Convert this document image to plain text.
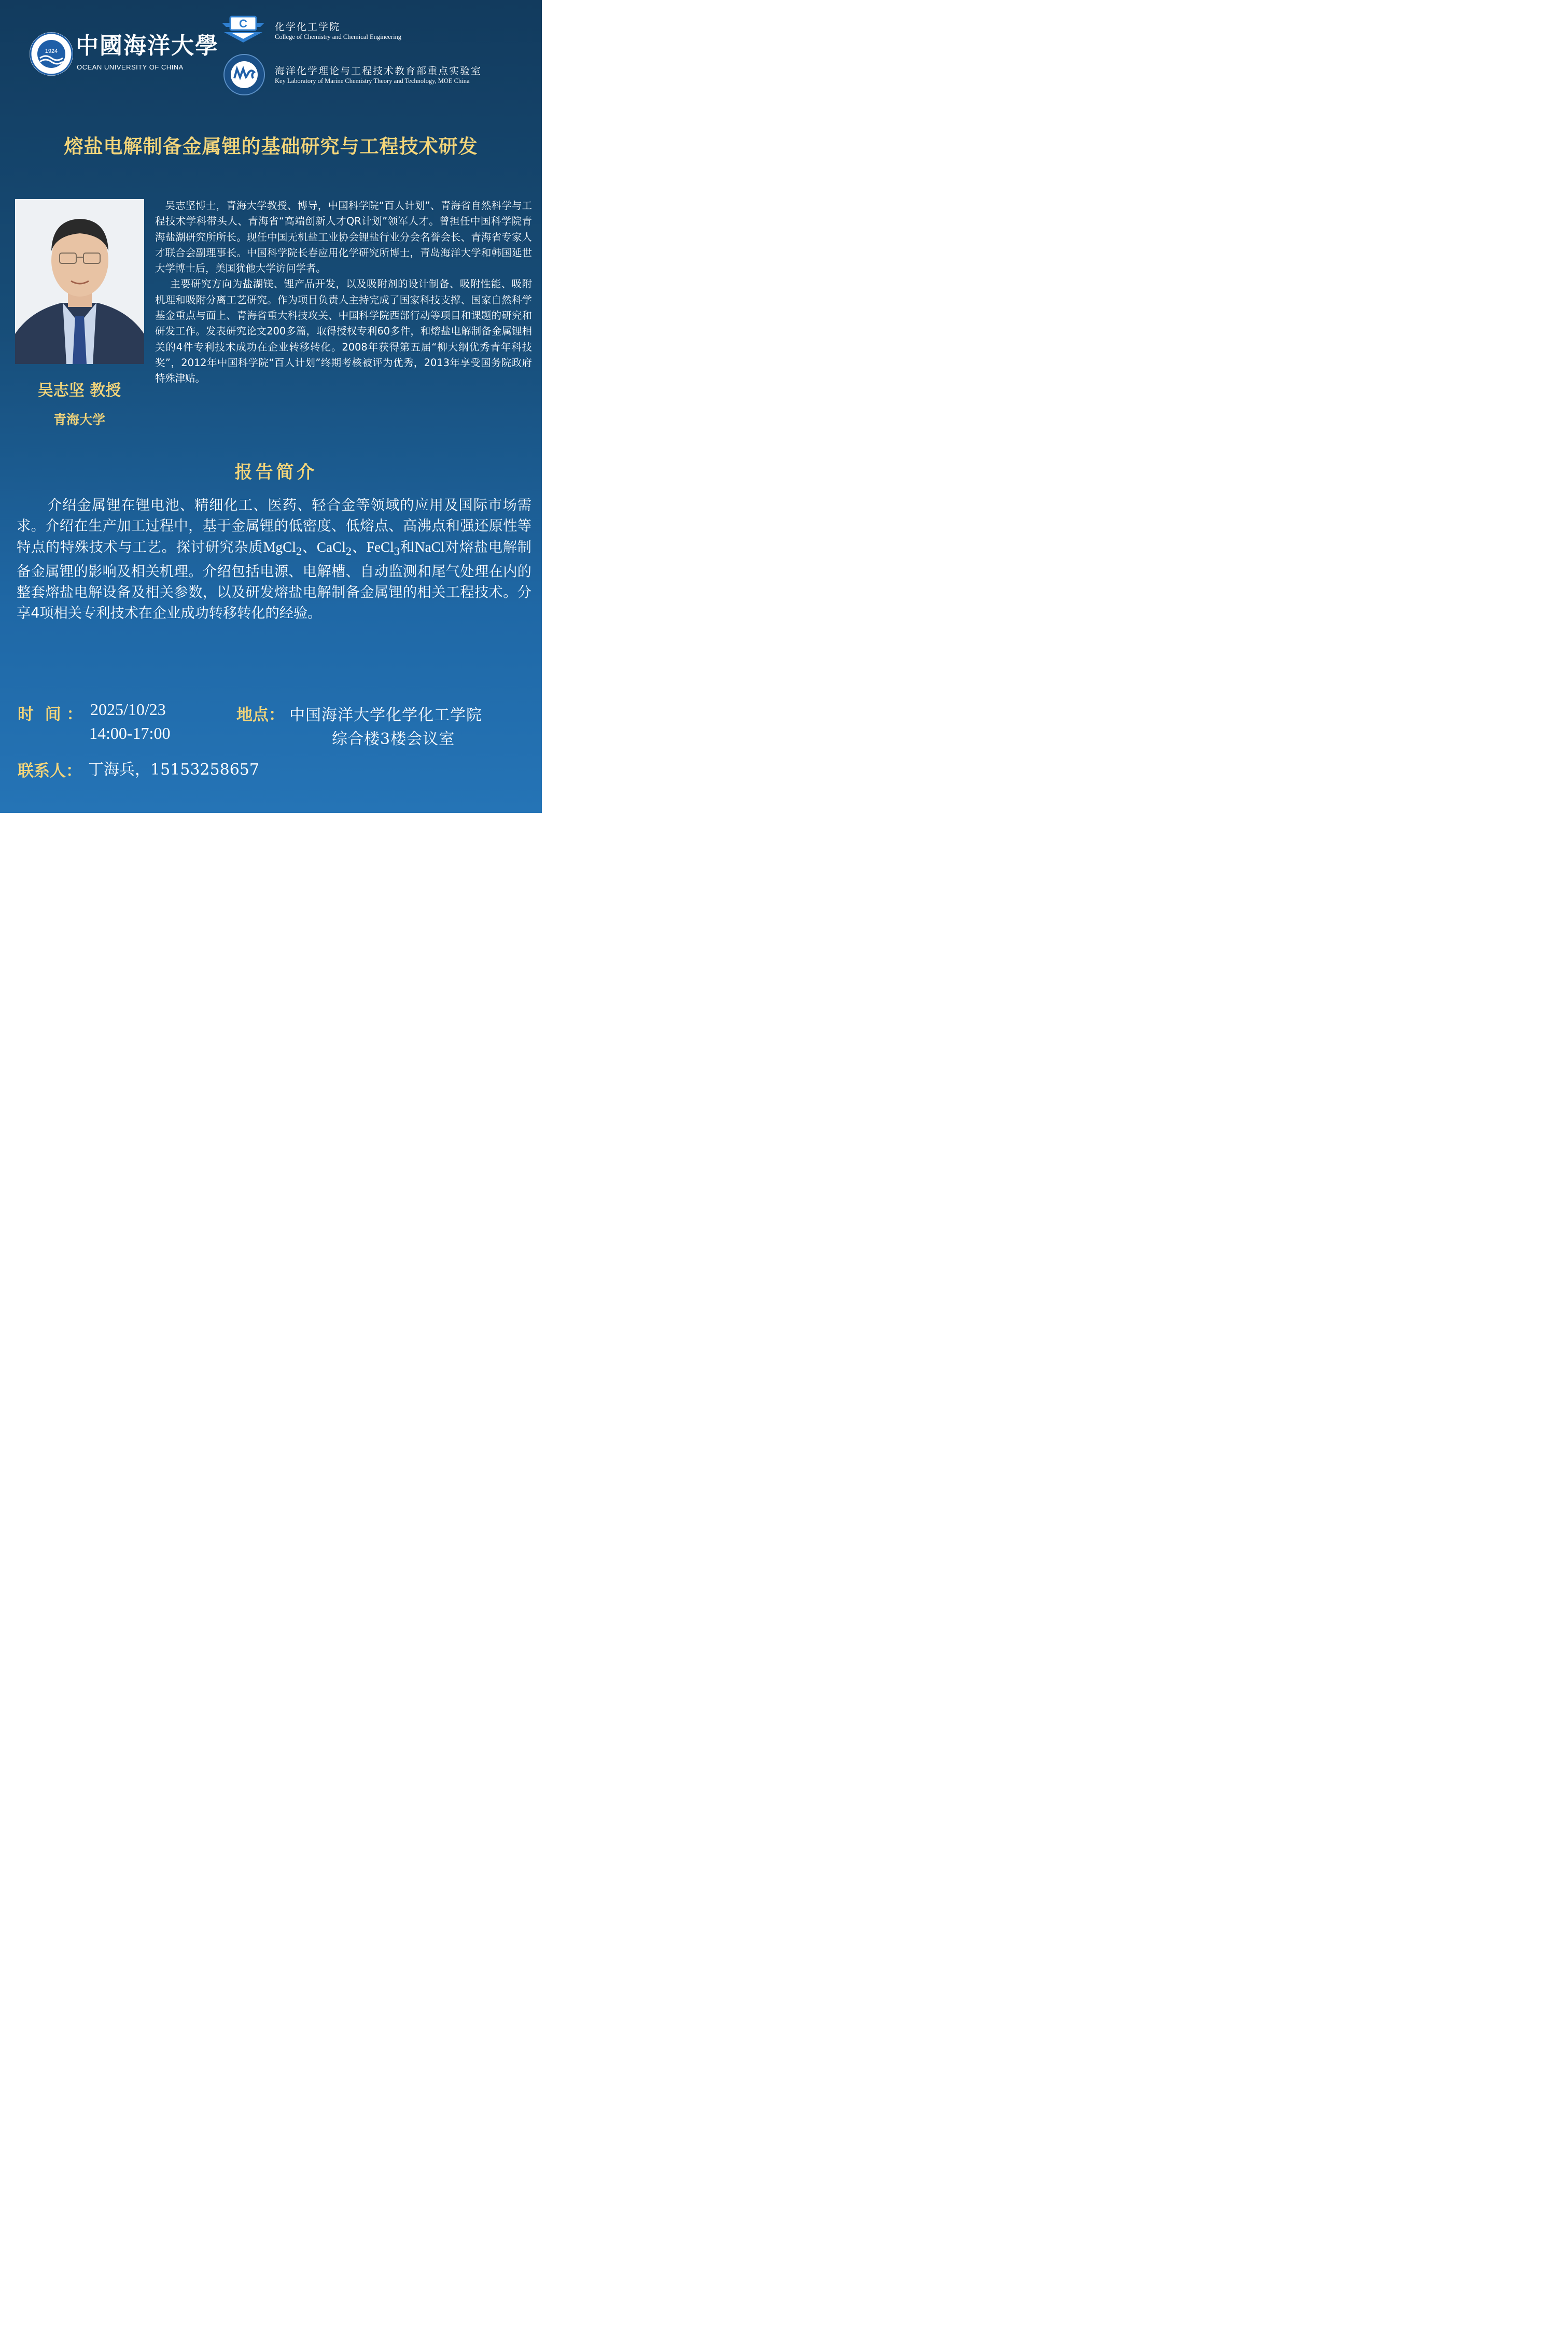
1924 中國海洋大學
OCEAN UNIVERSITY OF CHINA
C	化学化工学院
College of Chemistry and Chemical Engineering
海洋化学理论与工程技术教育部重点实验室
Key Laboratory of Marine Chemistry Theory and Technology, MOE China
熔盐电解制备金属锂的基础研究与工程技术研发
吴志坚 教授
青海大学

吴志坚博士，青海大学教授、博导，中国科学院“百人计划”、青海省自然科学与工程技术学科带头人、青海省“高端创新人才QR计划”领军人才。曾担任中国科学院青海盐湖研究所所长。现任中国无机盐工业协会锂盐行业分会名誉会长、青海省专家人才联合会副理事长。中国科学院长春应用化学研究所博士，青岛海洋大学和韩国延世大学博士后，美国犹他大学访问学者。

主要研究方向为盐湖镁、锂产品开发，以及吸附剂的设计制备、吸附性能、吸附机理和吸附分离工艺研究。作为项目负责人主持完成了国家科技支撑、国家自然科学基金重点与面上、青海省重大科技攻关、中国科学院西部行动等项目和课题的研究和研发工作。发表研究论文200多篇，取得授权专利60多件，和熔盐电解制备金属锂相关的4件专利技术成功在企业转移转化。2008年获得第五届“柳大纲优秀青年科技奖”，2012年中国科学院“百人计划”终期考核被评为优秀，2013年享受国务院政府特殊津贴。

报告简介
介绍金属锂在锂电池、精细化工、医药、轻合金等领域的应用及国际市场需求。介绍在生产加工过程中，基于金属锂的低密度、低熔点、高沸点和强还原性等特点的特殊技术与工艺。探讨研究杂质MgCl$_2$、CaCl$_2$、FeCl$_3$和NaCl对熔盐电解制备金属锂的影响及相关机理。介绍包括电源、电解槽、自动监测和尾气处理在内的整套熔盐电解设备及相关参数，以及研发熔盐电解制备金属锂的相关工程技术。分享4项相关专利技术在企业成功转移转化的经验。
时  间 ： 2025/10/23
14:00-17:00
地点： 中国海洋大学化学化工学院
综合楼3楼会议室
联系人： 丁海兵，15153258657
